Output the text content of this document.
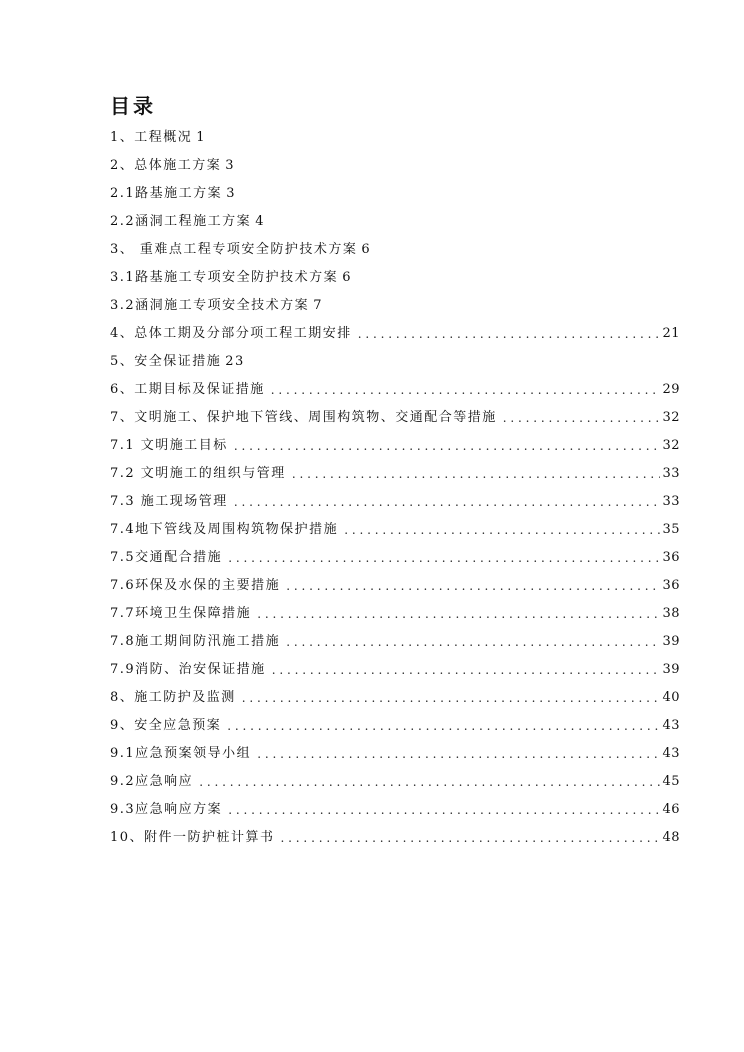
目录
1、工程概况 1
2、总体施工方案 3
2.1路基施工方案 3
2.2涵洞工程施工方案 4
3、 重难点工程专项安全防护技术方案 6
3.1路基施工专项安全防护技术方案 6
3.2涵洞施工专项安全技术方案 7
4、总体工期及分部分项工程工期安排 . . .	21
5、安全保证措施 23
6、工期目标及保证措施 . . .	29
7、文明施工、保护地下管线、周围构筑物、交通配合等措施 . . .	32
7.1 文明施工目标 . . .	32
7.2 文明施工的组织与管理 . . .	33
7.3 施工现场管理 . . .	33
7.4地下管线及周围构筑物保护措施 . . .	35
7.5交通配合措施 . . .	36
7.6环保及水保的主要措施 . . .	36
7.7环境卫生保障措施 . . .	38
7.8施工期间防汛施工措施 . . .	39
7.9消防、治安保证措施 . . .	39
8、施工防护及监测 . . .	40
9、安全应急预案 . . .	43
9.1应急预案领导小组 . . .	43
9.2应急响应 . . .	45
9.3应急响应方案 . . .	46
10、附件一防护桩计算书 . . .	48
